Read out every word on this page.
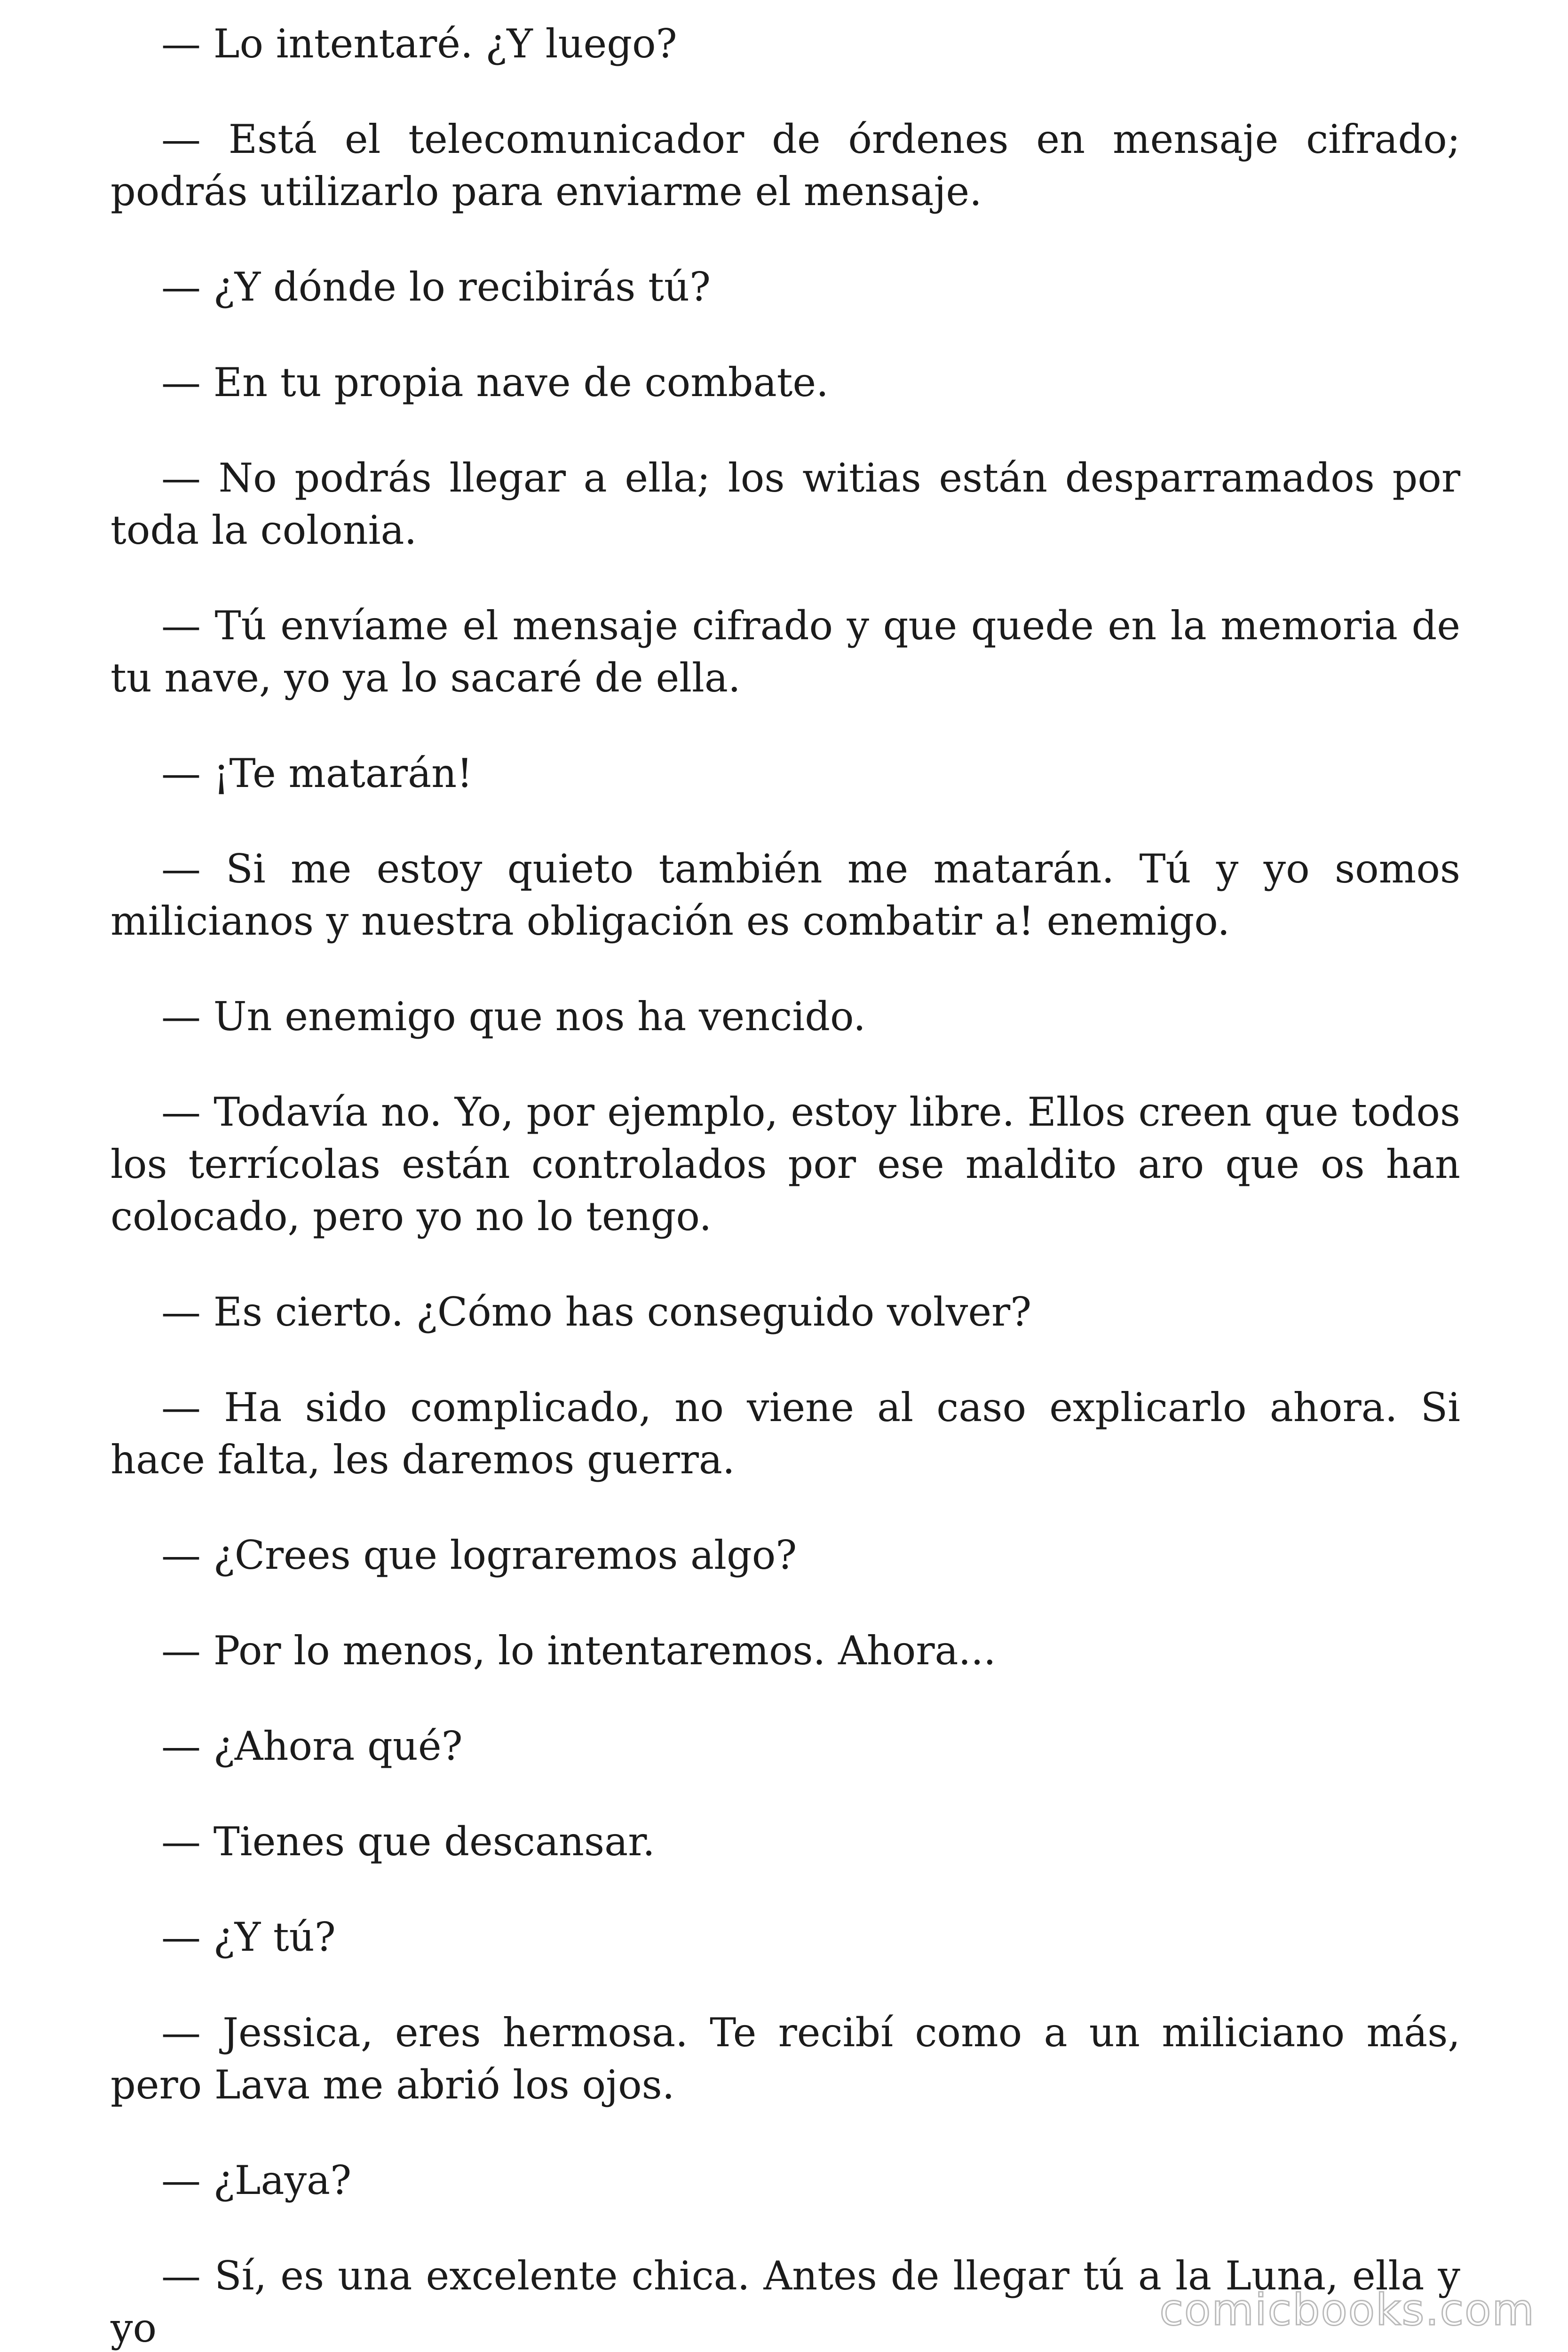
— Lo intentaré. ¿Y luego?

— Está el telecomunicador de órdenes en mensaje cifrado; podrás utilizarlo para enviarme el mensaje.

— ¿Y dónde lo recibirás tú?

— En tu propia nave de combate.

— No podrás llegar a ella; los witias están desparramados por toda la colonia.

— Tú envíame el mensaje cifrado y que quede en la memoria de tu nave, yo ya lo sacaré de ella.

— ¡Te matarán!

— Si me estoy quieto también me matarán. Tú y yo somos milicianos y nuestra obligación es combatir a! enemigo.

— Un enemigo que nos ha vencido.

— Todavía no. Yo, por ejemplo, estoy libre. Ellos creen que todos los terrícolas están controlados por ese maldito aro que os han colocado, pero yo no lo tengo.

— Es cierto. ¿Cómo has conseguido volver?

— Ha sido complicado, no viene al caso explicarlo ahora. Si hace falta, les daremos guerra.

— ¿Crees que lograremos algo?

— Por lo menos, lo intentaremos. Ahora...

— ¿Ahora qué?

— Tienes que descansar.

— ¿Y tú?

— Jessica, eres hermosa. Te recibí como a un miliciano más, pero Lava me abrió los ojos.

— ¿Laya?

— Sí, es una excelente chica. Antes de llegar tú a la Luna, ella y yo	comicbooks.com
